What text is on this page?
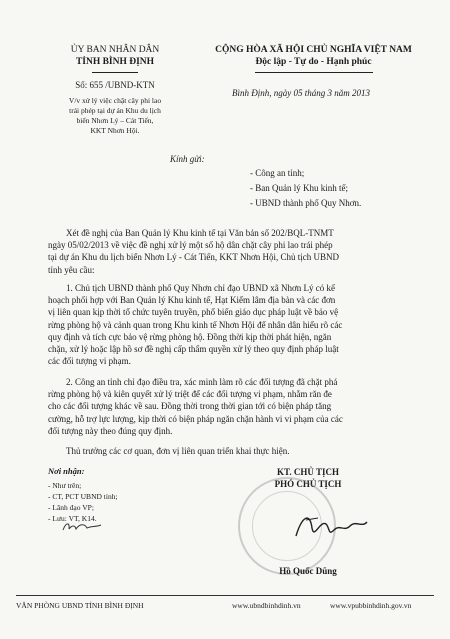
ỦY BAN NHÂN DÂN
TỈNH BÌNH ĐỊNH
Số: 655 /UBND-KTN
V/v xử lý việc chặt cây phi lao
trái phép tại dự án Khu du lịch
biển Nhơn Lý – Cát Tiến,
KKT Nhơn Hội.
CỘNG HÒA XÃ HỘI CHỦ NGHĨA VIỆT NAM
Độc lập - Tự do - Hạnh phúc
Bình Định, ngày 05 tháng 3 năm 2013
Kính gửi:
- Công an tỉnh;
- Ban Quản lý Khu kinh tế;
- UBND thành phố Quy Nhơn.
Xét đề nghị của Ban Quản lý Khu kinh tế tại Văn bản số 202/BQL-TNMT
ngày 05/02/2013 về việc đề nghị xử lý một số hộ dân chặt cây phi lao trái phép
tại dự án Khu du lịch biển Nhơn Lý - Cát Tiến, KKT Nhơn Hội, Chủ tịch UBND
tỉnh yêu cầu:
1. Chủ tịch UBND thành phố Quy Nhơn chỉ đạo UBND xã Nhơn Lý có kế
hoạch phối hợp với Ban Quản lý Khu kinh tế, Hạt Kiểm lâm địa bàn và các đơn
vị liên quan kịp thời tổ chức tuyên truyền, phổ biến giáo dục pháp luật về bảo vệ
rừng phòng hộ và cảnh quan trong Khu kinh tế Nhơn Hội để nhân dân hiểu rõ các
quy định và tích cực bảo vệ rừng phòng hộ. Đồng thời kịp thời phát hiện, ngăn
chặn, xử lý hoặc lập hồ sơ đề nghị cấp thẩm quyền xử lý theo quy định pháp luật
các đối tượng vi phạm.
2. Công an tỉnh chỉ đạo điều tra, xác minh làm rõ các đối tượng đã chặt phá
rừng phòng hộ và kiên quyết xử lý triệt để các đối tượng vi phạm, nhằm răn đe
cho các đối tượng khác về sau. Đồng thời trong thời gian tới có biện pháp tăng
cường, hỗ trợ lực lượng, kịp thời có biện pháp ngăn chặn hành vi vi phạm của các
đối tượng này theo đúng quy định.
Thủ trưởng các cơ quan, đơn vị liên quan triển khai thực hiện.
Nơi nhận:
- Như trên;
- CT, PCT UBND tỉnh;
- Lãnh đạo VP;
- Lưu: VT, K14.
KT. CHỦ TỊCH
PHÓ CHỦ TỊCH
Hồ Quốc Dũng
VĂN PHÒNG UBND TỈNH BÌNH ĐỊNH	www.ubndbinhdinh.vn	www.vpubbinhdinh.gov.vn
